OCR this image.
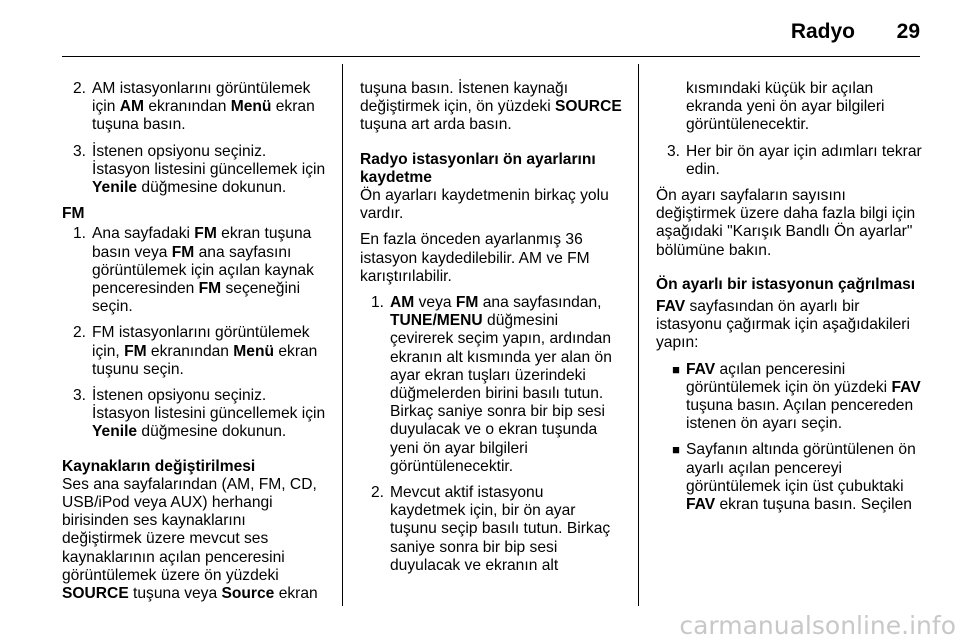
Radyo 29
2. AM istasyonlarını görüntülemek için AM ekranından Menü ekran tuşuna basın.
3. İstenen opsiyonu seçiniz. İstasyon listesini güncellemek için Yenile düğmesine dokunun.
FM
1. Ana sayfadaki FM ekran tuşuna basın veya FM ana sayfasını görüntülemek için açılan kaynak penceresinden FM seçeneğini seçin.
2. FM istasyonlarını görüntülemek için, FM ekranından Menü ekran tuşunu seçin.
3. İstenen opsiyonu seçiniz. İstasyon listesini güncellemek için Yenile düğmesine dokunun.
Kaynakların değiştirilmesi

Ses ana sayfalarından (AM, FM, CD, USB/iPod veya AUX) herhangi birisinden ses kaynaklarını değiştirmek üzere mevcut ses kaynaklarının açılan penceresini görüntülemek üzere ön yüzdeki SOURCE tuşuna veya Source ekran

tuşuna basın. İstenen kaynağı değiştirmek için, ön yüzdeki SOURCE tuşuna art arda basın.

Radyo istasyonları ön ayarlarını kaydetme

Ön ayarları kaydetmenin birkaç yolu vardır.

En fazla önceden ayarlanmış 36 istasyon kaydedilebilir. AM ve FM karıştırılabilir.

1. AM veya FM ana sayfasından, TUNE/MENU düğmesini çevirerek seçim yapın, ardından ekranın alt kısmında yer alan ön ayar ekran tuşları üzerindeki düğmelerden birini basılı tutun. Birkaç saniye sonra bir bip sesi duyulacak ve o ekran tuşunda yeni ön ayar bilgileri görüntülenecektir.
2. Mevcut aktif istasyonu kaydetmek için, bir ön ayar tuşunu seçip basılı tutun. Birkaç saniye sonra bir bip sesi duyulacak ve ekranın alt
kısmındaki küçük bir açılan ekranda yeni ön ayar bilgileri görüntülenecektir.
3. Her bir ön ayar için adımları tekrar edin.

Ön ayarı sayfaların sayısını değiştirmek üzere daha fazla bilgi için aşağıdaki "Karışık Bandlı Ön ayarlar" bölümüne bakın.

Ön ayarlı bir istasyonun çağrılması

FAV sayfasından ön ayarlı bir istasyonu çağırmak için aşağıdakileri yapın:

■ FAV açılan penceresini görüntülemek için ön yüzdeki FAV tuşuna basın. Açılan pencereden istenen ön ayarı seçin.
■ Sayfanın altında görüntülenen ön ayarlı açılan pencereyi görüntülemek için üst çubuktaki FAV ekran tuşuna basın. Seçilen
carmanualsonline.info
